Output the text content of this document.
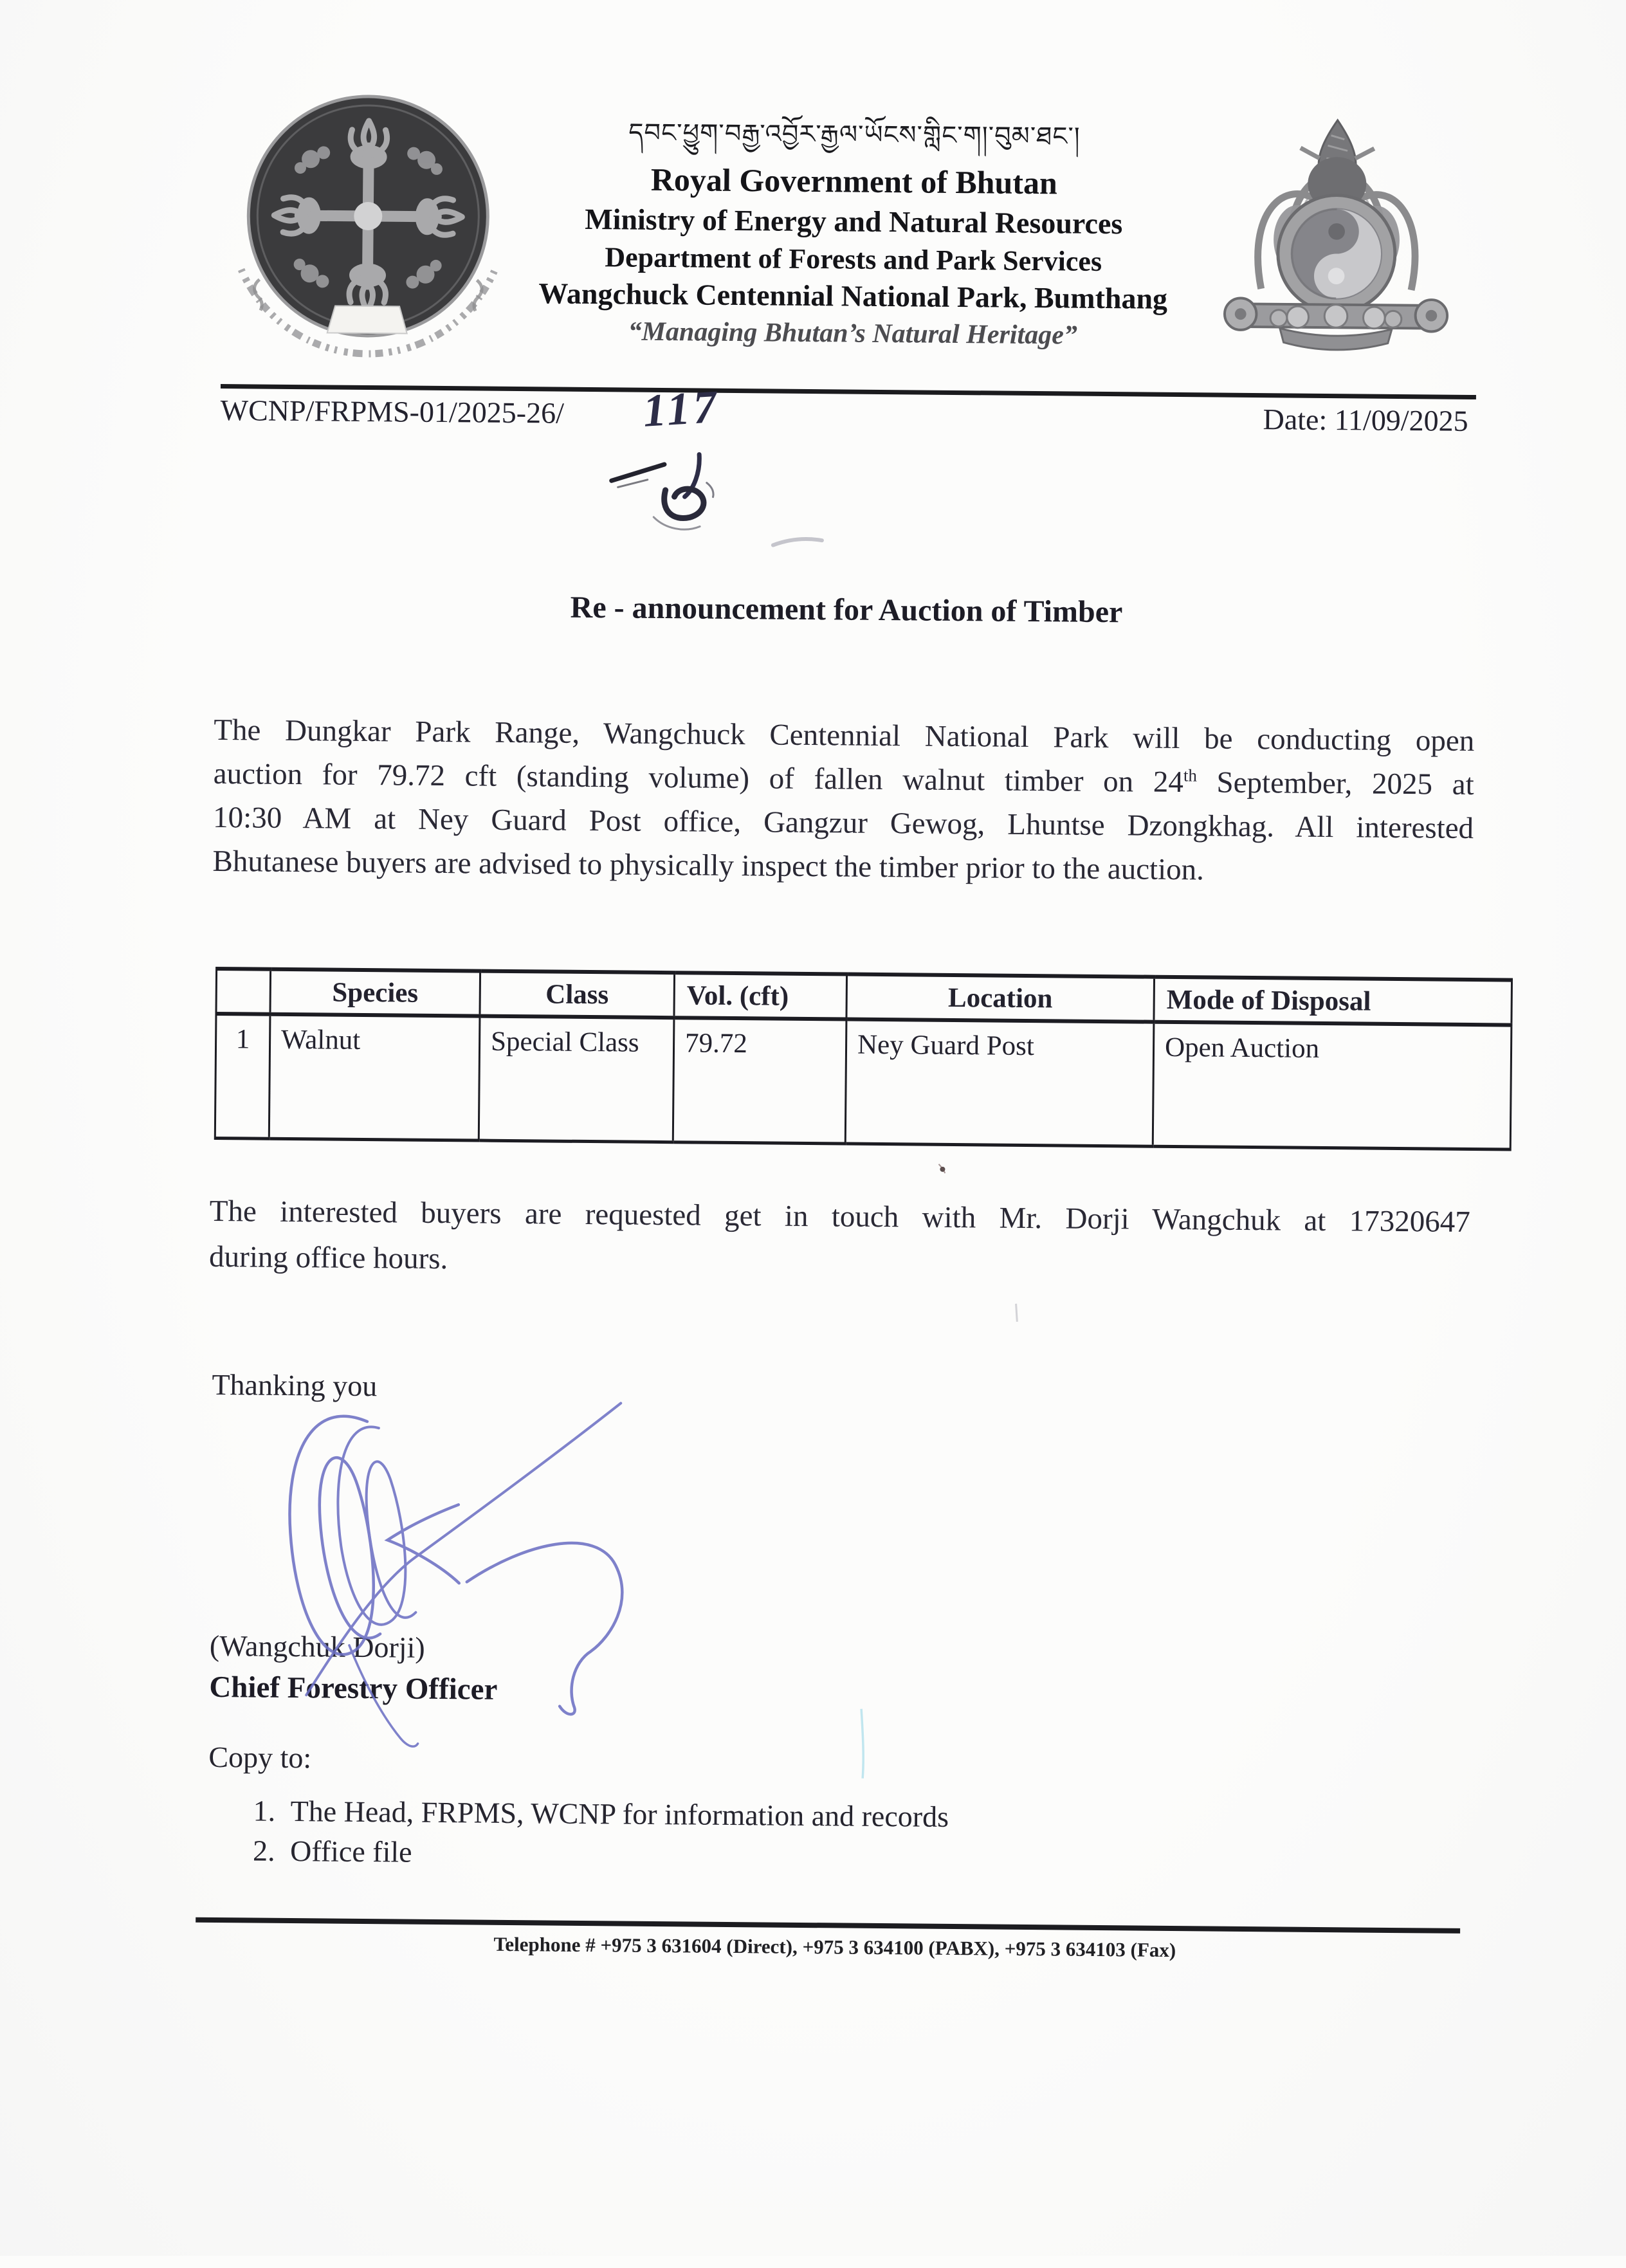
དབང་ཕྱུག་བརྒྱ་འབྱོར་རྒྱལ་ཡོངས་གླིང་ག།་བུམ་ཐང་།
Royal Government of Bhutan
Ministry of Energy and Natural Resources
Department of Forests and Park Services
Wangchuck Centennial National Park, Bumthang
“Managing Bhutan’s Natural Heritage”
WCNP/FRPMS-01/2025-26/	Date: 11/09/2025
117
Re - announcement for Auction of Timber
The Dungkar Park Range, Wangchuck Centennial National Park will be conducting open
auction for 79.72 cft (standing volume) of fallen walnut timber on 24th September, 2025 at
10:30 AM at Ney Guard Post office, Gangzur Gewog, Lhuntse Dzongkhag. All interested
Bhutanese buyers are advised to physically inspect the timber prior to the auction.
	Species	Class	Vol. (cft)	Location	Mode of Disposal
1	Walnut	Special Class	79.72	Ney Guard Post	Open Auction
The interested buyers are requested get in touch with Mr. Dorji Wangchuk at 17320647
during office hours.
Thanking you
(Wangchuk Dorji)
Chief Forestry Officer
Copy to:
1. The Head, FRPMS, WCNP for information and records
2. Office file
Telephone # +975 3 631604 (Direct), +975 3 634100 (PABX), +975 3 634103 (Fax)
